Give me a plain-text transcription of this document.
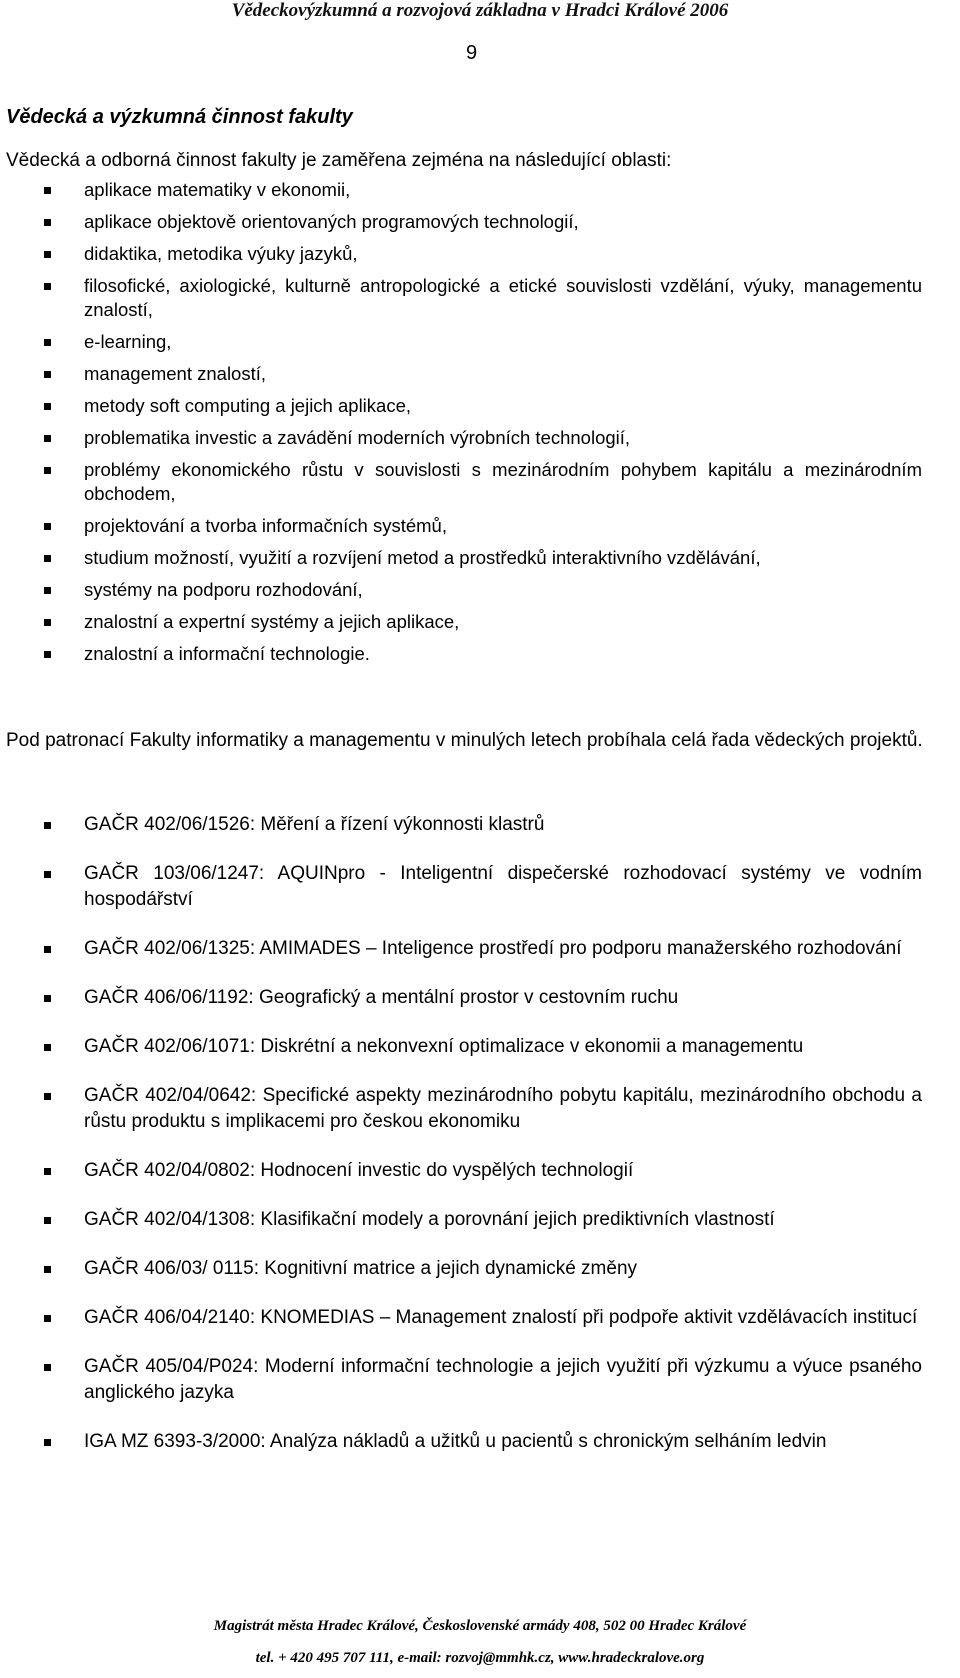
Vědeckovýzkumná a rozvojová základna v Hradci Králové 2006
9
Vědecká a výzkumná činnost fakulty
Vědecká a odborná činnost fakulty je zaměřena zejména na následující oblasti:
aplikace matematiky v ekonomii,
aplikace objektově orientovaných programových technologií,
didaktika, metodika výuky jazyků,
filosofické, axiologické, kulturně antropologické a etické souvislosti vzdělání, výuky, managementu znalostí,
e-learning,
management znalostí,
metody soft computing a jejich aplikace,
problematika investic a zavádění moderních výrobních technologií,
problémy ekonomického růstu v souvislosti s mezinárodním pohybem kapitálu a mezinárodním obchodem,
projektování a tvorba informačních systémů,
studium možností, využití a rozvíjení metod a prostředků interaktivního vzdělávání,
systémy na podporu rozhodování,
znalostní a expertní systémy a jejich aplikace,
znalostní a informační technologie.
Pod patronací Fakulty informatiky a managementu v minulých letech probíhala celá řada vědeckých projektů.
GAČR 402/06/1526: Měření a řízení výkonnosti klastrů
GAČR 103/06/1247: AQUINpro - Inteligentní dispečerské rozhodovací systémy ve vodním hospodářství
GAČR 402/06/1325: AMIMADES – Inteligence prostředí pro podporu manažerského rozhodování
GAČR 406/06/1192: Geografický a mentální prostor v cestovním ruchu
GAČR 402/06/1071: Diskrétní a nekonvexní optimalizace v ekonomii a managementu
GAČR 402/04/0642: Specifické aspekty mezinárodního pobytu kapitálu, mezinárodního obchodu a růstu produktu s implikacemi pro českou ekonomiku
GAČR 402/04/0802: Hodnocení investic do vyspělých technologií
GAČR 402/04/1308: Klasifikační modely a porovnání jejich prediktivních vlastností
GAČR 406/03/ 0115: Kognitivní matrice a jejich dynamické změny
GAČR 406/04/2140: KNOMEDIAS – Management znalostí při podpoře aktivit vzdělávacích institucí
GAČR 405/04/P024: Moderní informační technologie a jejich využití při výzkumu a výuce psaného anglického jazyka
IGA MZ 6393-3/2000: Analýza nákladů a užitků u pacientů s chronickým selháním ledvin
Magistrát města Hradec Králové, Československé armády 408, 502 00 Hradec Králové
tel. + 420 495 707 111, e-mail: rozvoj@mmhk.cz, www.hradeckralove.org
